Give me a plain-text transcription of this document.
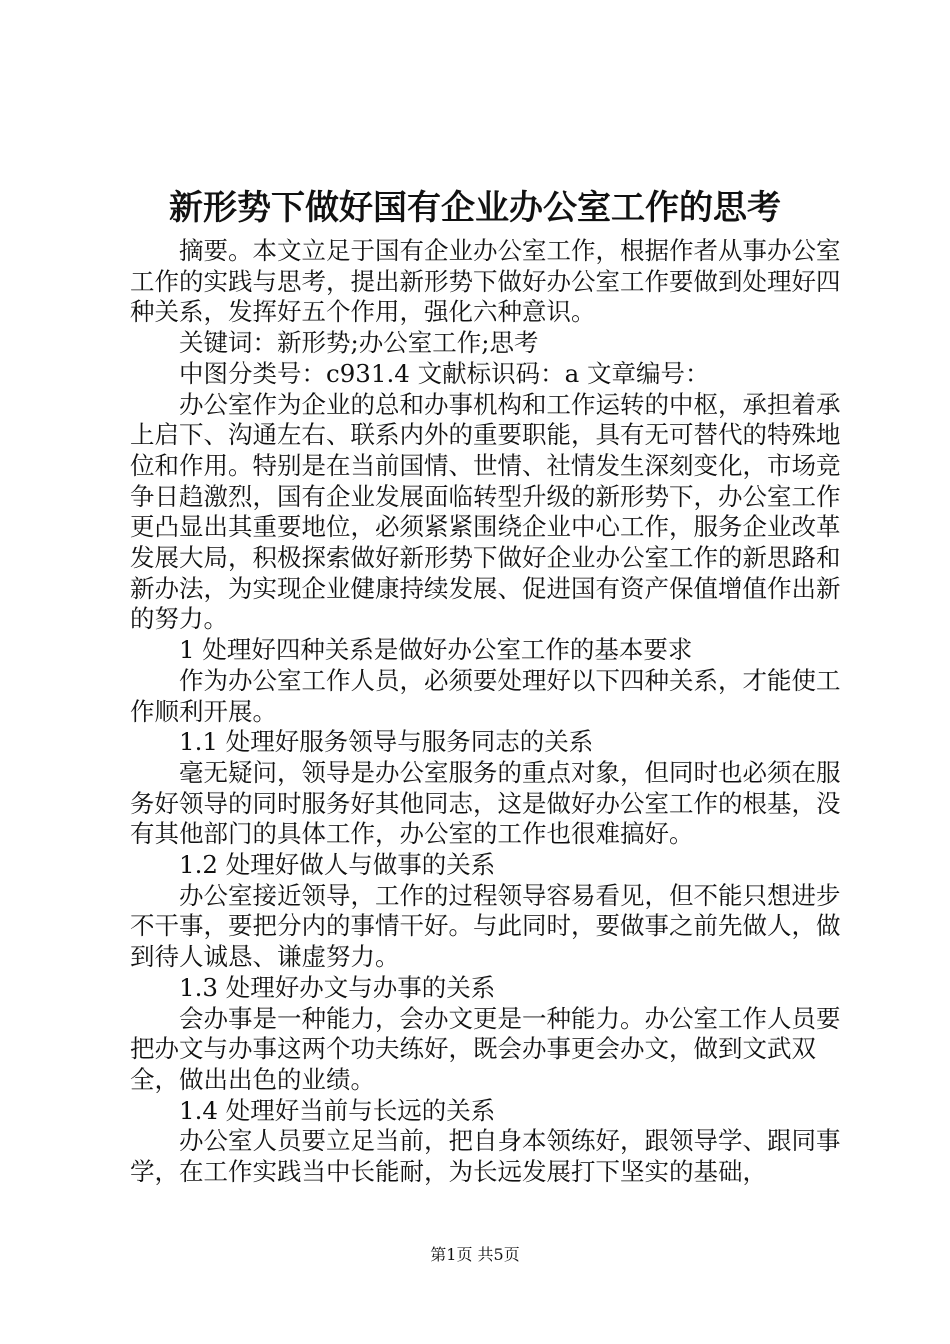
新形势下做好国有企业办公室工作的思考

摘要。本文立足于国有企业办公室工作，根据作者从事办公室工作的实践与思考，提出新形势下做好办公室工作要做到处理好四种关系，发挥好五个作用，强化六种意识。

关键词：新形势;办公室工作;思考

中图分类号：c931.4 文献标识码：a 文章编号：

办公室作为企业的总和办事机构和工作运转的中枢，承担着承上启下、沟通左右、联系内外的重要职能，具有无可替代的特殊地位和作用。特别是在当前国情、世情、社情发生深刻变化，市场竞争日趋激烈，国有企业发展面临转型升级的新形势下，办公室工作更凸显出其重要地位，必须紧紧围绕企业中心工作，服务企业改革发展大局，积极探索做好新形势下做好企业办公室工作的新思路和新办法，为实现企业健康持续发展、促进国有资产保值增值作出新的努力。

1 处理好四种关系是做好办公室工作的基本要求

作为办公室工作人员，必须要处理好以下四种关系，才能使工作顺利开展。

1.1 处理好服务领导与服务同志的关系

毫无疑问，领导是办公室服务的重点对象，但同时也必须在服务好领导的同时服务好其他同志，这是做好办公室工作的根基，没有其他部门的具体工作，办公室的工作也很难搞好。

1.2 处理好做人与做事的关系

办公室接近领导，工作的过程领导容易看见，但不能只想进步不干事，要把分内的事情干好。与此同时，要做事之前先做人，做到待人诚恳、谦虚努力。

1.3 处理好办文与办事的关系

会办事是一种能力，会办文更是一种能力。办公室工作人员要把办文与办事这两个功夫练好，既会办事更会办文，做到文武双全，做出出色的业绩。

1.4 处理好当前与长远的关系

办公室人员要立足当前，把自身本领练好，跟领导学、跟同事学，在工作实践当中长能耐，为长远发展打下坚实的基础，

第1页 共5页
